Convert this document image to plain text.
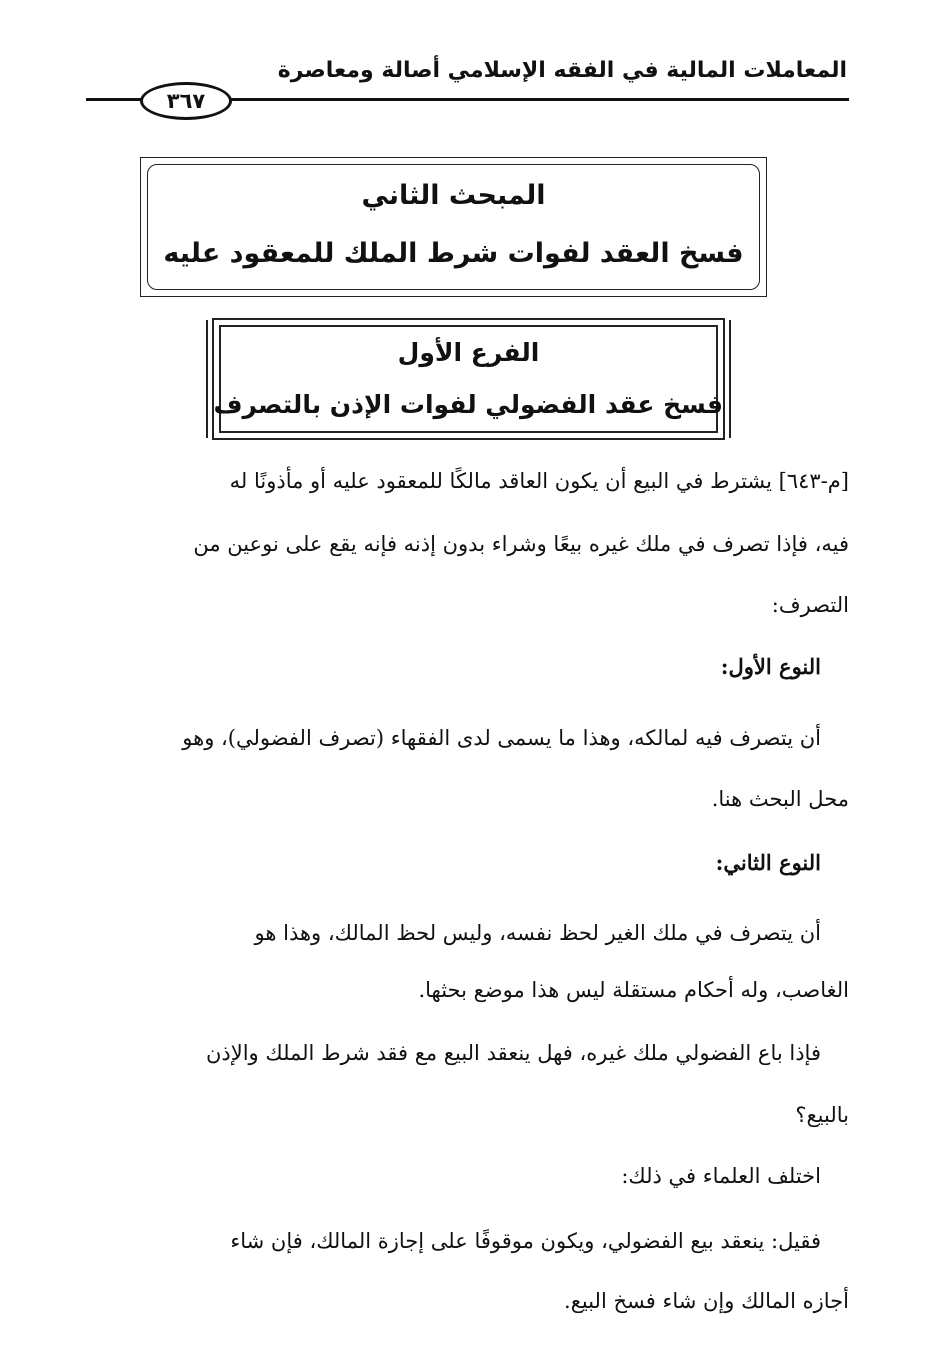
المعاملات المالية في الفقه الإسلامي أصالة ومعاصرة
٣٦٧
المبحث الثاني
فسخ العقد لفوات شرط الملك للمعقود عليه
الفرع الأول
فسخ عقد الفضولي لفوات الإذن بالتصرف
[م-٦٤٣] يشترط في البيع أن يكون العاقد مالكًا للمعقود عليه أو مأذونًا له
فيه، فإذا تصرف في ملك غيره بيعًا وشراء بدون إذنه فإنه يقع على نوعين من
التصرف:
النوع الأول:
أن يتصرف فيه لمالكه، وهذا ما يسمى لدى الفقهاء (تصرف الفضولي)، وهو
محل البحث هنا.
النوع الثاني:
أن يتصرف في ملك الغير لحظ نفسه، وليس لحظ المالك، وهذا هو
الغاصب، وله أحكام مستقلة ليس هذا موضع بحثها.
فإذا باع الفضولي ملك غيره، فهل ينعقد البيع مع فقد شرط الملك والإذن
بالبيع؟
اختلف العلماء في ذلك:
فقيل: ينعقد بيع الفضولي، ويكون موقوفًا على إجازة المالك، فإن شاء
أجازه المالك وإن شاء فسخ البيع.
